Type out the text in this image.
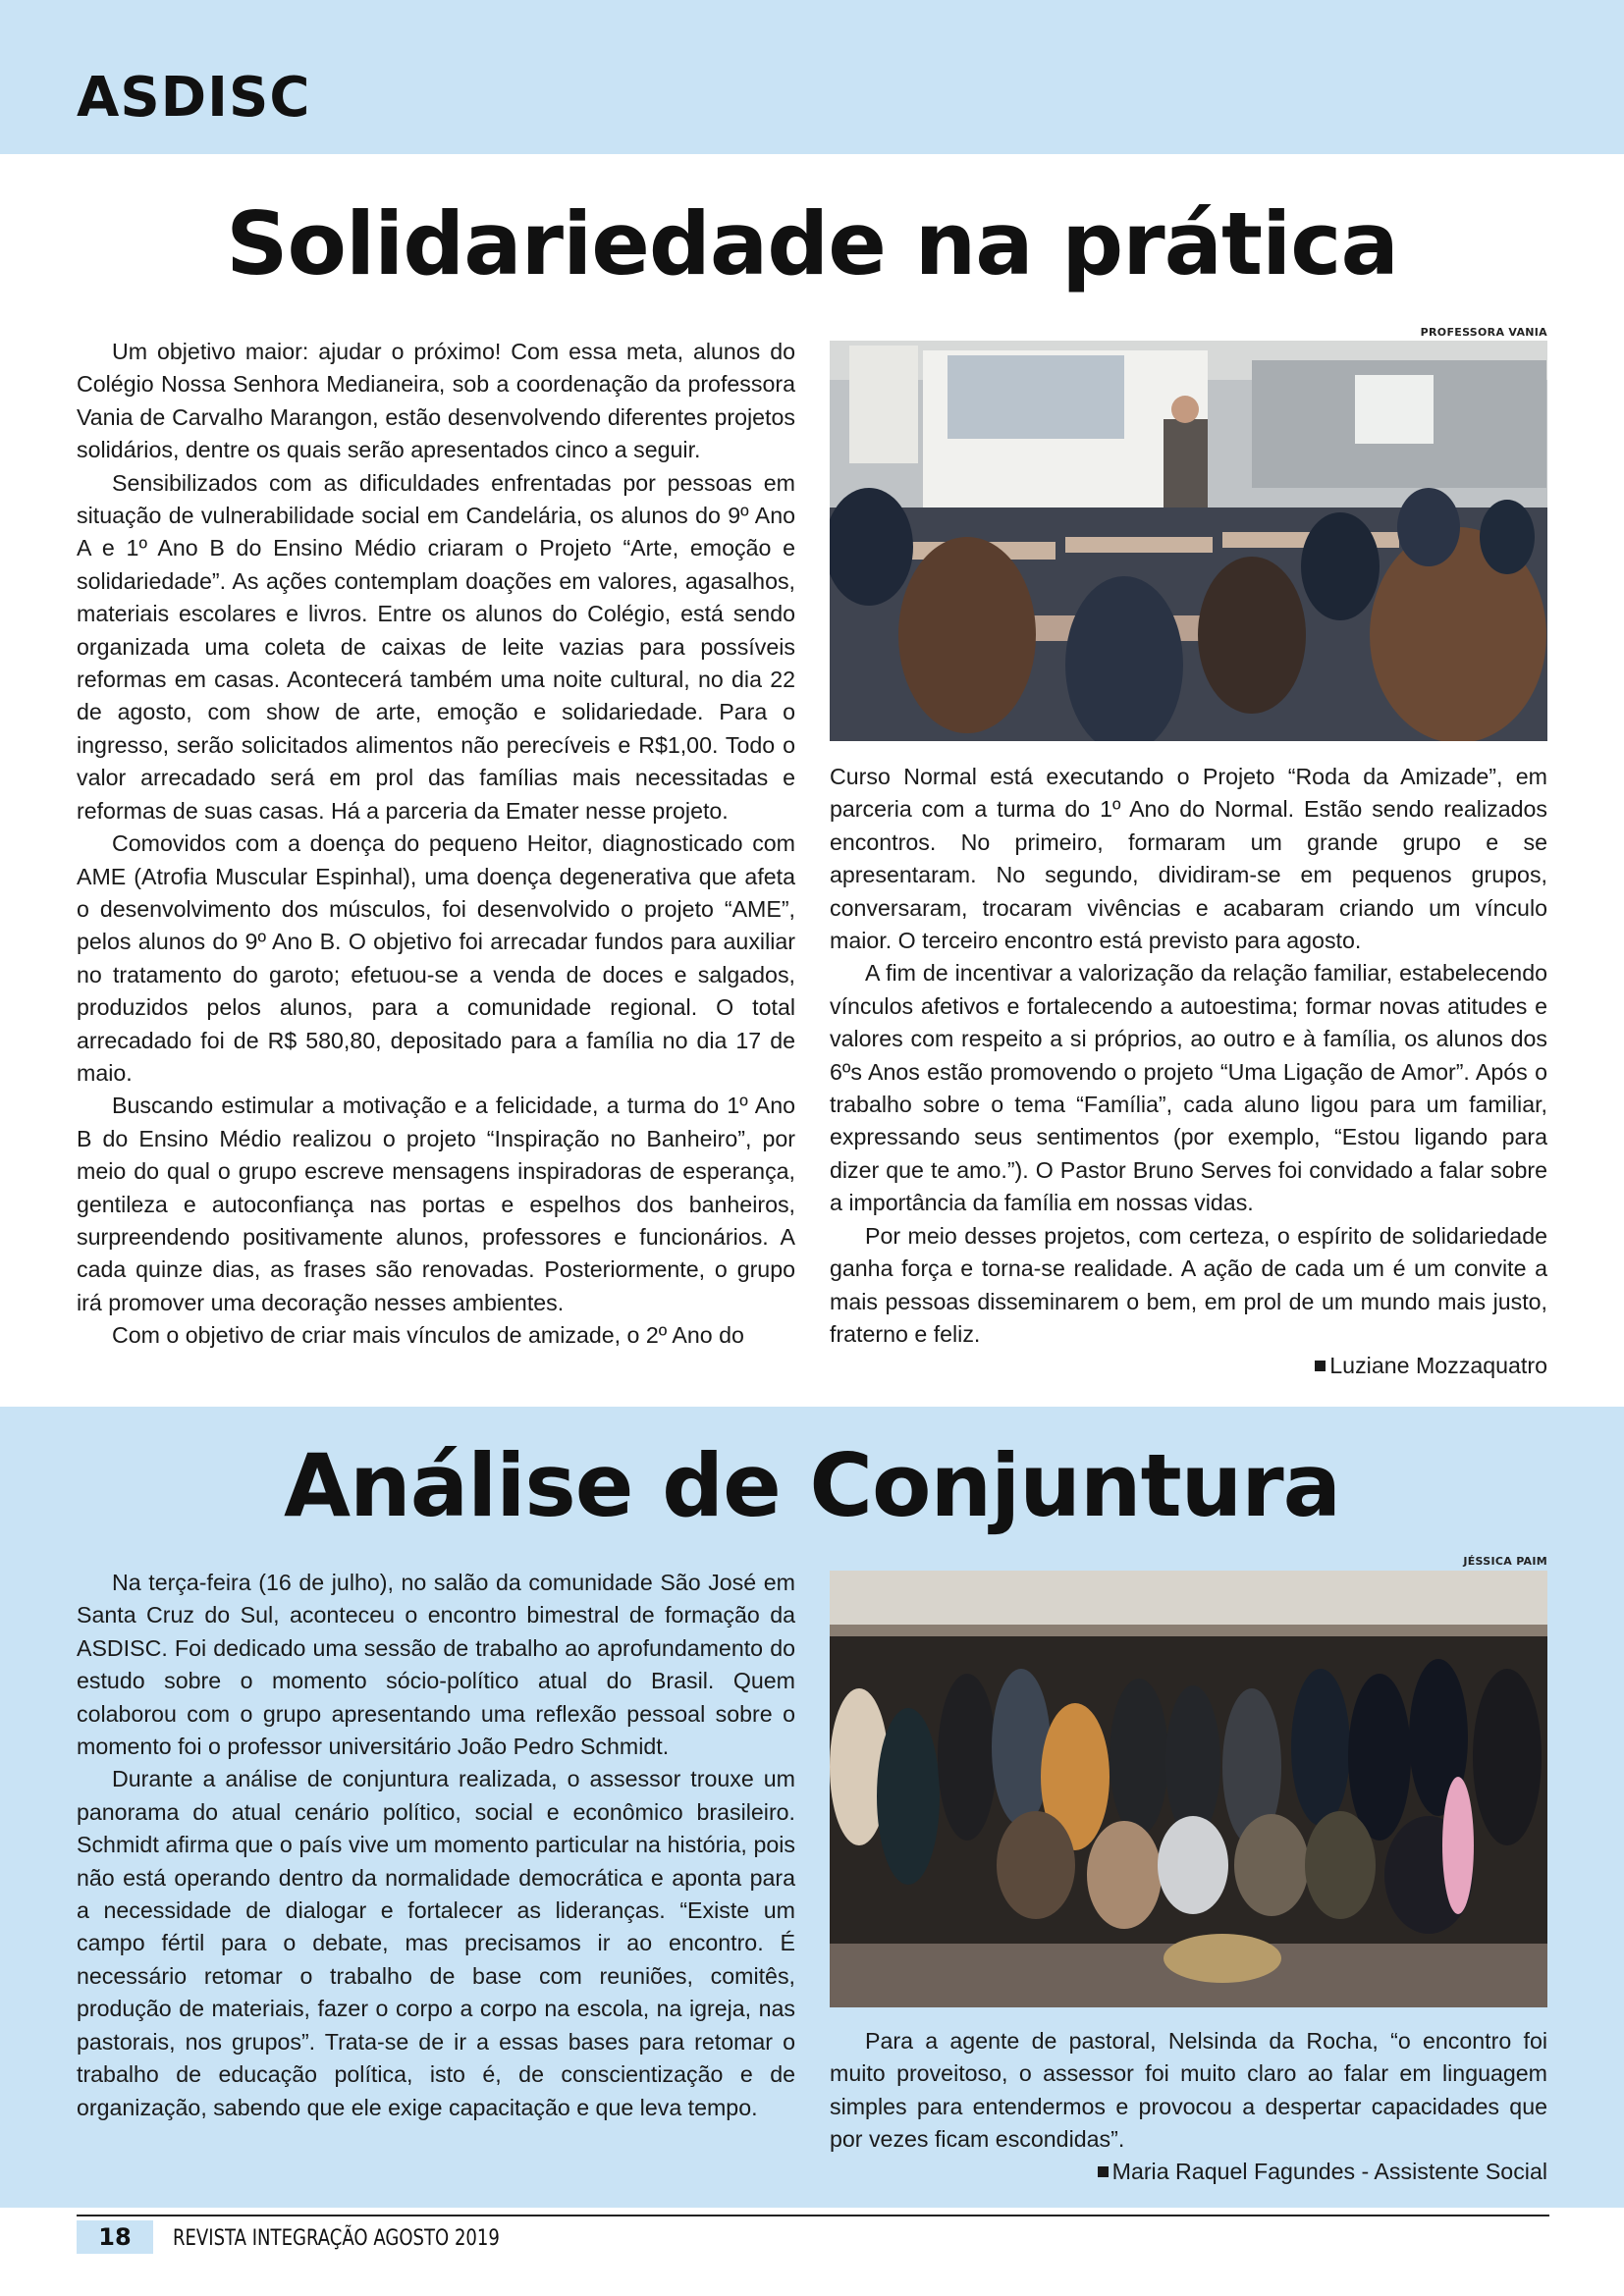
ASDISC
Solidariedade na prática

Um objetivo maior: ajudar o próximo! Com essa meta, alunos do Colégio Nossa Senhora Medianeira, sob a coordenação da professora Vania de Carvalho Marangon, estão desenvolvendo diferentes projetos solidários, dentre os quais serão apresentados cinco a seguir.

Sensibilizados com as dificuldades enfrentadas por pessoas em situação de vulnerabilidade social em Candelária, os alunos do 9º Ano A e 1º Ano B do Ensino Médio criaram o Projeto “Arte, emoção e solidariedade”. As ações contemplam doações em valores, agasalhos, materiais escolares e livros. Entre os alunos do Colégio, está sendo organizada uma coleta de caixas de leite vazias para possíveis reformas em casas. Acontecerá também uma noite cultural, no dia 22 de agosto, com show de arte, emoção e solidariedade. Para o ingresso, serão solicitados alimentos não perecíveis e R$1,00. Todo o valor arrecadado será em prol das famílias mais necessitadas e reformas de suas casas. Há a parceria da Emater nesse projeto.

Comovidos com a doença do pequeno Heitor, diagnosticado com AME (Atrofia Muscular Espinhal), uma doença degenerativa que afeta o desenvolvimento dos músculos, foi desenvolvido o projeto “AME”, pelos alunos do 9º Ano B. O objetivo foi arrecadar fundos para auxiliar no tratamento do garoto; efetuou-se a venda de doces e salgados, produzidos pelos alunos, para a comunidade regional. O total arrecadado foi de R$ 580,80, depositado para a família no dia 17 de maio.

Buscando estimular a motivação e a felicidade, a turma do 1º Ano B do Ensino Médio realizou o projeto “Inspiração no Banheiro”, por meio do qual o grupo escreve mensagens inspiradoras de esperança, gentileza e autoconfiança nas portas e espelhos dos banheiros, surpreendendo positivamente alunos, professores e funcionários. A cada quinze dias, as frases são renovadas. Posteriormente, o grupo irá promover uma decoração nesses ambientes.

Com o objetivo de criar mais vínculos de amizade, o 2º Ano do

PROFESSORA VANIA

Curso Normal está executando o Projeto “Roda da Amizade”, em parceria com a turma do 1º Ano do Normal. Estão sendo realizados encontros. No primeiro, formaram um grande grupo e se apresentaram. No segundo, dividiram-se em pequenos grupos, conversaram, trocaram vivências e acabaram criando um vínculo maior. O terceiro encontro está previsto para agosto.

A fim de incentivar a valorização da relação familiar, estabelecendo vínculos afetivos e fortalecendo a autoestima; formar novas atitudes e valores com respeito a si próprios, ao outro e à família, os alunos dos 6ºs Anos estão promovendo o projeto “Uma Ligação de Amor”. Após o trabalho sobre o tema “Família”, cada aluno ligou para um familiar, expressando seus sentimentos (por exemplo, “Estou ligando para dizer que te amo.”). O Pastor Bruno Serves foi convidado a falar sobre a importância da família em nossas vidas.

Por meio desses projetos, com certeza, o espírito de solidariedade ganha força e torna-se realidade. A ação de cada um é um convite a mais pessoas disseminarem o bem, em prol de um mundo mais justo, fraterno e feliz.

Luziane Mozzaquatro
Análise de Conjuntura

Na terça-feira (16 de julho), no salão da comunidade São José em Santa Cruz do Sul, aconteceu o encontro bimestral de formação da ASDISC. Foi dedicado uma sessão de trabalho ao aprofundamento do estudo sobre o momento sócio-político atual do Brasil. Quem colaborou com o grupo apresentando uma reflexão pessoal sobre o momento foi o professor universitário João Pedro Schmidt.

Durante a análise de conjuntura realizada, o assessor trouxe um panorama do atual cenário político, social e econômico brasileiro. Schmidt afirma que o país vive um momento particular na história, pois não está operando dentro da normalidade democrática e aponta para a necessidade de dialogar e fortalecer as lideranças. “Existe um campo fértil para o debate, mas precisamos ir ao encontro. É necessário retomar o trabalho de base com reuniões, comitês, produção de materiais, fazer o corpo a corpo na escola, na igreja, nas pastorais, nos grupos”. Trata-se de ir a essas bases para retomar o trabalho de educação política, isto é, de conscientização e de organização, sabendo que ele exige capacitação e que leva tempo.

JÉSSICA PAIM

Para a agente de pastoral, Nelsinda da Rocha, “o encontro foi muito proveitoso, o assessor foi muito claro ao falar em linguagem simples para entendermos e provocou a despertar capacidades que por vezes ficam escondidas”.

Maria Raquel Fagundes - Assistente Social
18	REVISTA INTEGRAÇÃO AGOSTO 2019
